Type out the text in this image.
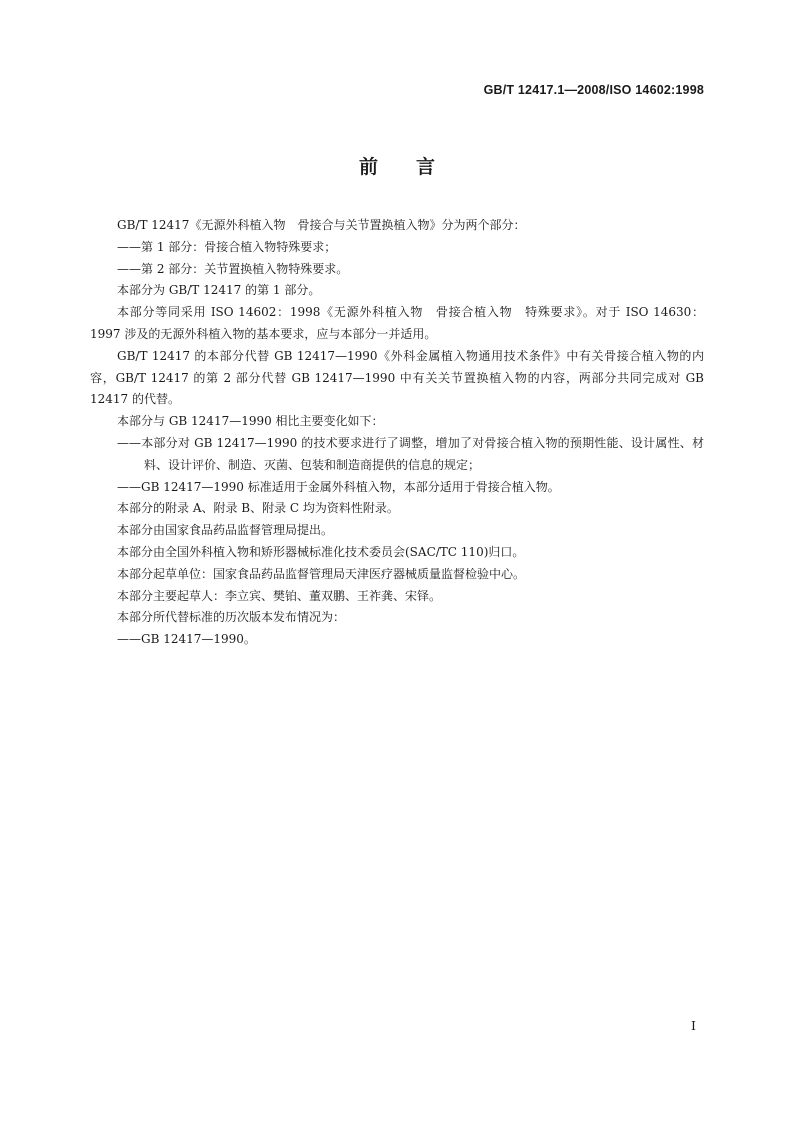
GB/T 12417.1—2008/ISO 14602:1998
前言

GB/T 12417《无源外科植入物　骨接合与关节置换植入物》分为两个部分：

——第 1 部分：骨接合植入物特殊要求；

——第 2 部分：关节置换植入物特殊要求。

本部分为 GB/T 12417 的第 1 部分。

本部分等同采用 ISO 14602：1998《无源外科植入物　骨接合植入物　特殊要求》。对于 ISO 14630：1997 涉及的无源外科植入物的基本要求，应与本部分一并适用。

GB/T 12417 的本部分代替 GB 12417—1990《外科金属植入物通用技术条件》中有关骨接合植入物的内容，GB/T 12417 的第 2 部分代替 GB 12417—1990 中有关关节置换植入物的内容，两部分共同完成对 GB 12417 的代替。

本部分与 GB 12417—1990 相比主要变化如下：

——本部分对 GB 12417—1990 的技术要求进行了调整，增加了对骨接合植入物的预期性能、设计属性、材料、设计评价、制造、灭菌、包装和制造商提供的信息的规定；

——GB 12417—1990 标准适用于金属外科植入物，本部分适用于骨接合植入物。

本部分的附录 A、附录 B、附录 C 均为资料性附录。

本部分由国家食品药品监督管理局提出。

本部分由全国外科植入物和矫形器械标准化技术委员会(SAC/TC 110)归口。

本部分起草单位：国家食品药品监督管理局天津医疗器械质量监督检验中心。

本部分主要起草人：李立宾、樊铂、董双鹏、王祚龚、宋铎。

本部分所代替标准的历次版本发布情况为：

——GB 12417—1990。

I
